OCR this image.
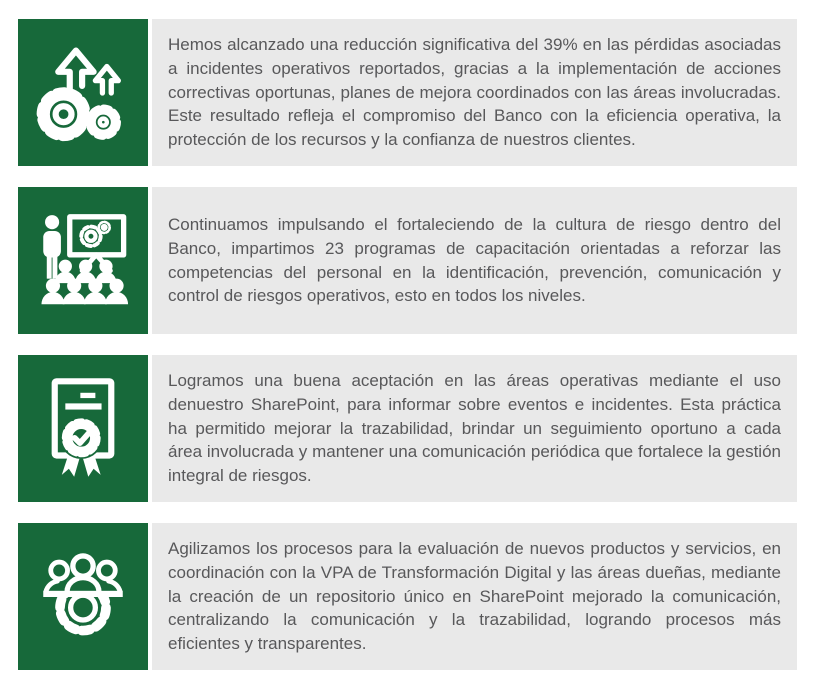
Hemos alcanzado una reducción significativa del 39% en las pérdidas asociadas a incidentes operativos reportados, gracias a la implementación de acciones correctivas oportunas, planes de mejora coordinados con las áreas involucradas. Este resultado refleja el compromiso del Banco con la eficiencia operativa, la protección de los recursos y la confianza de nuestros clientes.

Continuamos impulsando el fortaleciendo de la cultura de riesgo dentro del Banco, impartimos 23 programas de capacitación orientadas a reforzar las competencias del personal en la identificación, prevención, comunicación y control de riesgos operativos, esto en todos los niveles.

Logramos una buena aceptación en las áreas operativas mediante el uso denuestro SharePoint, para informar sobre eventos e incidentes. Esta práctica ha permitido mejorar la trazabilidad, brindar un seguimiento oportuno a cada área involucrada y mantener una comunicación periódica que fortalece la gestión integral de riesgos.

Agilizamos los procesos para la evaluación de nuevos productos y servicios, en coordinación con la VPA de Transformación Digital y las áreas dueñas, mediante la creación de un repositorio único en SharePoint mejorado la comunicación, centralizando la comunicación y la trazabilidad, logrando procesos más eficientes y transparentes.
